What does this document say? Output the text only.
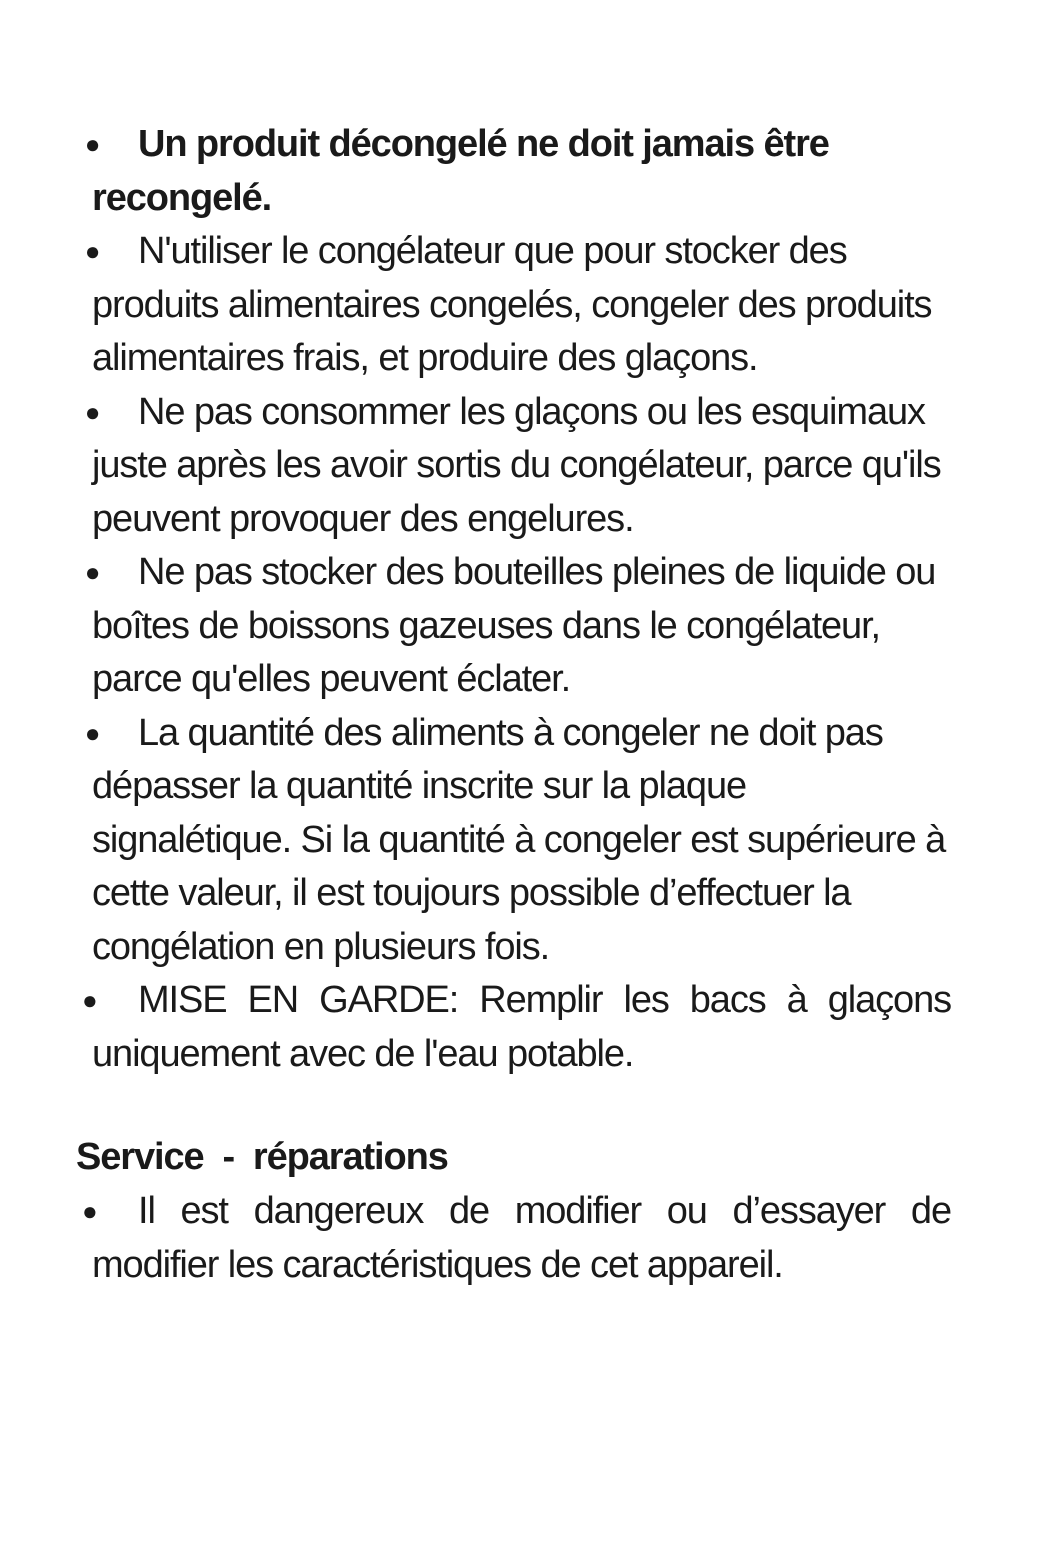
● Un produit décongelé ne doit jamais être recongelé.
● N'utiliser le congélateur que pour stocker des produits alimentaires congelés, congeler des produits alimentaires frais, et produire des glaçons.
● Ne pas consommer les glaçons ou les esquimaux juste après les avoir sortis du congélateur, parce qu'ils peuvent provoquer des engelures.
● Ne pas stocker des bouteilles pleines de liquide ou boîtes de boissons gazeuses dans le congélateur, parce qu'elles peuvent éclater.
● La quantité des aliments à congeler ne doit pas dépasser la quantité inscrite sur la plaque signalétique. Si la quantité à congeler est supérieure à cette valeur, il est toujours possible d’effectuer la congélation en plusieurs fois.
● MISE EN GARDE: Remplir les bacs à glaçons uniquement avec de l'eau potable.
Service  -  réparations
● Il est dangereux de modifier ou d’essayer de modifier les caractéristiques de cet appareil.
